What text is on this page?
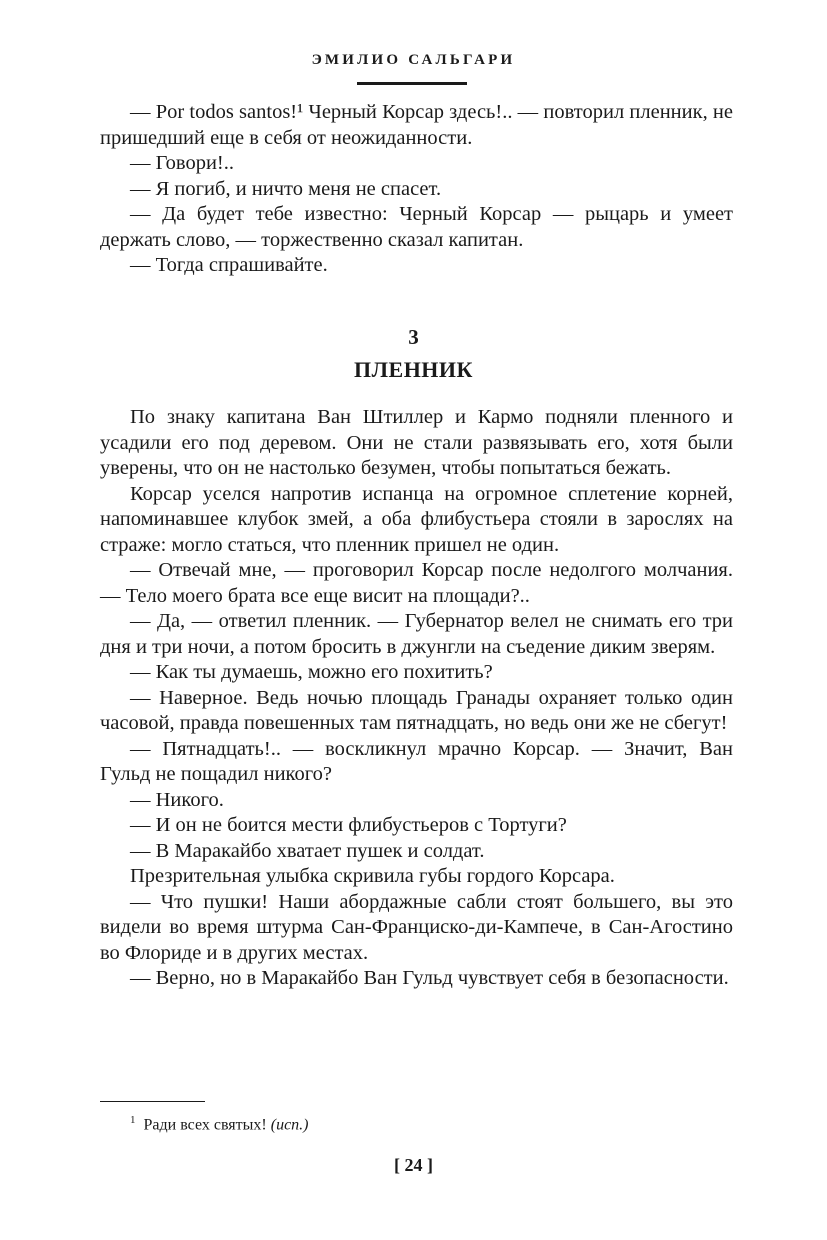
ЭМИЛИО САЛЬГАРИ

— Por todos santos!¹ Черный Корсар здесь!.. — повторил пленник, не пришедший еще в себя от неожиданности.

— Говори!..

— Я погиб, и ничто меня не спасет.

— Да будет тебе известно: Черный Корсар — рыцарь и умеет держать слово, — торжественно сказал капитан.

— Тогда спрашивайте.

3
ПЛЕННИК

По знаку капитана Ван Штиллер и Кармо подняли пленного и усадили его под деревом. Они не стали развязывать его, хотя были уверены, что он не настолько безумен, чтобы попытаться бежать.

Корсар уселся напротив испанца на огромное сплетение корней, напоминавшее клубок змей, а оба флибустьера стояли в зарослях на страже: могло статься, что пленник пришел не один.

— Отвечай мне, — проговорил Корсар после недолгого молчания. — Тело моего брата все еще висит на площади?..

— Да, — ответил пленник. — Губернатор велел не снимать его три дня и три ночи, а потом бросить в джунгли на съедение диким зверям.

— Как ты думаешь, можно его похитить?

— Наверное. Ведь ночью площадь Гранады охраняет только один часовой, правда повешенных там пятнадцать, но ведь они же не сбегут!

— Пятнадцать!.. — воскликнул мрачно Корсар. — Значит, Ван Гульд не пощадил никого?

— Никого.

— И он не боится мести флибустьеров с Тортуги?

— В Маракайбо хватает пушек и солдат.

Презрительная улыбка скривила губы гордого Корсара.

— Что пушки! Наши абордажные сабли стоят большего, вы это видели во время штурма Сан-Франциско-ди-Кампече, в Сан-Агостино во Флориде и в других местах.

— Верно, но в Маракайбо Ван Гульд чувствует себя в безопасности.

$^1$ Ради всех святых! (исп.)
[ 24 ]
